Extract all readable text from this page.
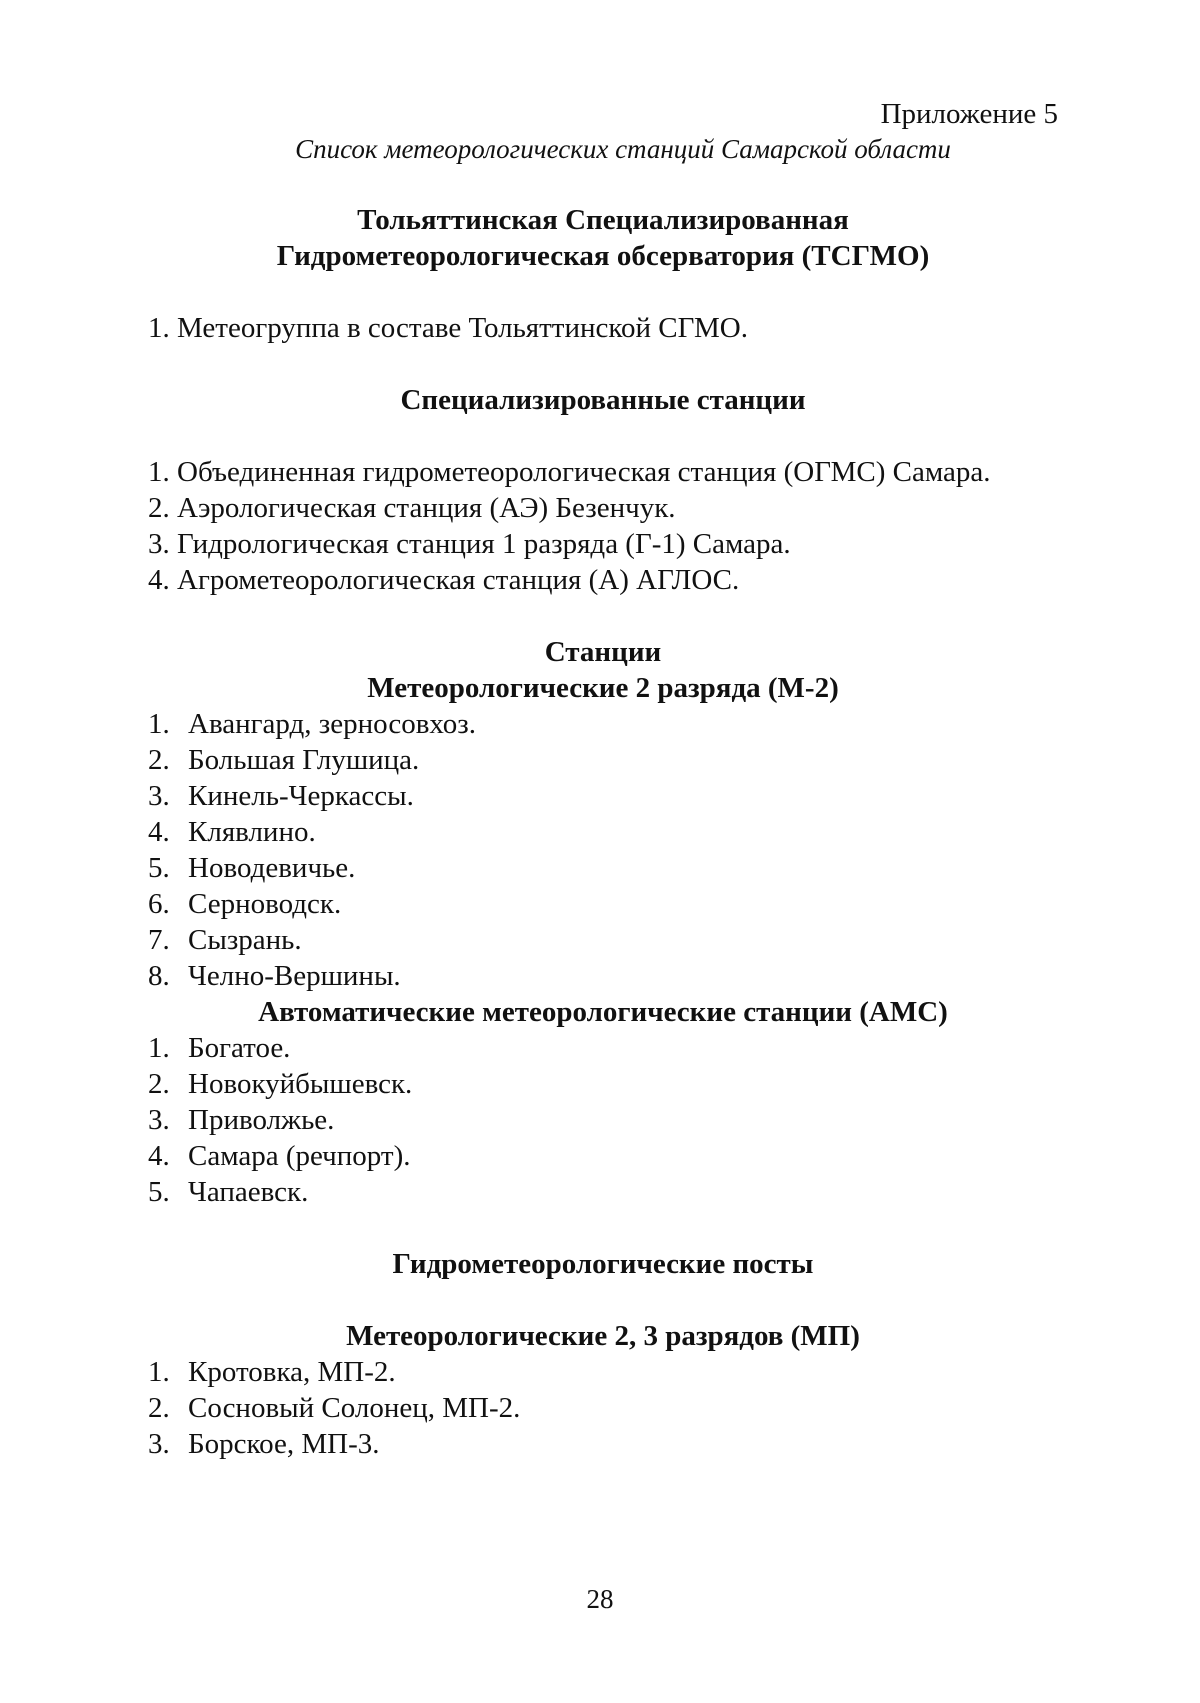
Приложение 5
Список метеорологических станций Самарской области
Тольяттинская Специализированная
Гидрометеорологическая обсерватория (ТСГМО)
1. Метеогруппа в составе Тольяттинской СГМО.
Специализированные станции
1. Объединенная гидрометеорологическая станция (ОГМС) Самара.
2. Аэрологическая станция (АЭ) Безенчук.
3. Гидрологическая станция 1 разряда (Г-1) Самара.
4. Агрометеорологическая станция (А) АГЛОС.
Станции
Метеорологические 2 разряда (М-2)
1. Авангард, зерносовхоз.
2. Большая Глушица.
3. Кинель-Черкассы.
4. Клявлино.
5. Новодевичье.
6. Серноводск.
7. Сызрань.
8. Челно-Вершины.
Автоматические метеорологические станции (АМС)
1. Богатое.
2. Новокуйбышевск.
3. Приволжье.
4. Самара (речпорт).
5. Чапаевск.
Гидрометеорологические посты
Метеорологические 2, 3 разрядов (МП)
1. Кротовка, МП-2.
2. Сосновый Солонец, МП-2.
3. Борское, МП-3.
28
